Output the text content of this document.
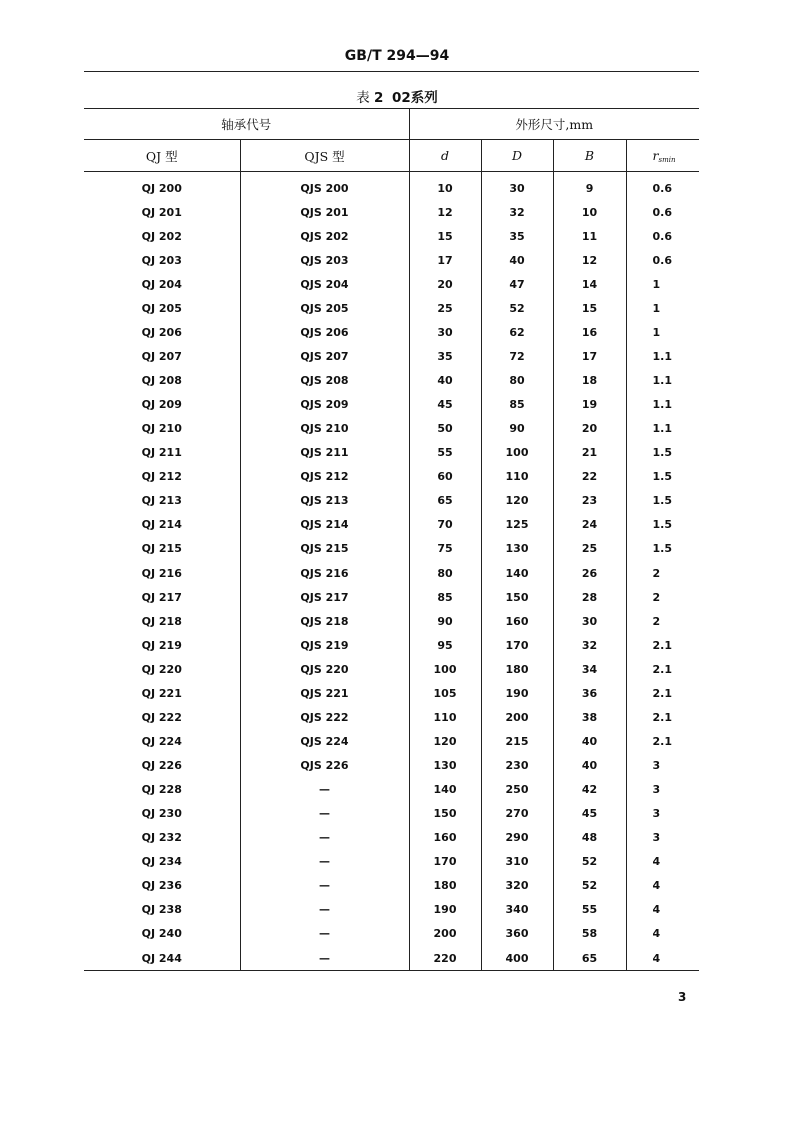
GB/T 294—94
表 2 02系列
轴承代号		外形尺寸,mm			
QJ 型	QJS 型	d	D	B	$r_{smin}$
QJ 200	QJS 200	10	30	9	0.6
QJ 201	QJS 201	12	32	10	0.6
QJ 202	QJS 202	15	35	11	0.6
QJ 203	QJS 203	17	40	12	0.6
QJ 204	QJS 204	20	47	14	1
QJ 205	QJS 205	25	52	15	1
QJ 206	QJS 206	30	62	16	1
QJ 207	QJS 207	35	72	17	1.1
QJ 208	QJS 208	40	80	18	1.1
QJ 209	QJS 209	45	85	19	1.1
QJ 210	QJS 210	50	90	20	1.1
QJ 211	QJS 211	55	100	21	1.5
QJ 212	QJS 212	60	110	22	1.5
QJ 213	QJS 213	65	120	23	1.5
QJ 214	QJS 214	70	125	24	1.5
QJ 215	QJS 215	75	130	25	1.5
QJ 216	QJS 216	80	140	26	2
QJ 217	QJS 217	85	150	28	2
QJ 218	QJS 218	90	160	30	2
QJ 219	QJS 219	95	170	32	2.1
QJ 220	QJS 220	100	180	34	2.1
QJ 221	QJS 221	105	190	36	2.1
QJ 222	QJS 222	110	200	38	2.1
QJ 224	QJS 224	120	215	40	2.1
QJ 226	QJS 226	130	230	40	3
QJ 228	—	140	250	42	3
QJ 230	—	150	270	45	3
QJ 232	—	160	290	48	3
QJ 234	—	170	310	52	4
QJ 236	—	180	320	52	4
QJ 238	—	190	340	55	4
QJ 240	—	200	360	58	4
QJ 244	—	220	400	65	4
3
